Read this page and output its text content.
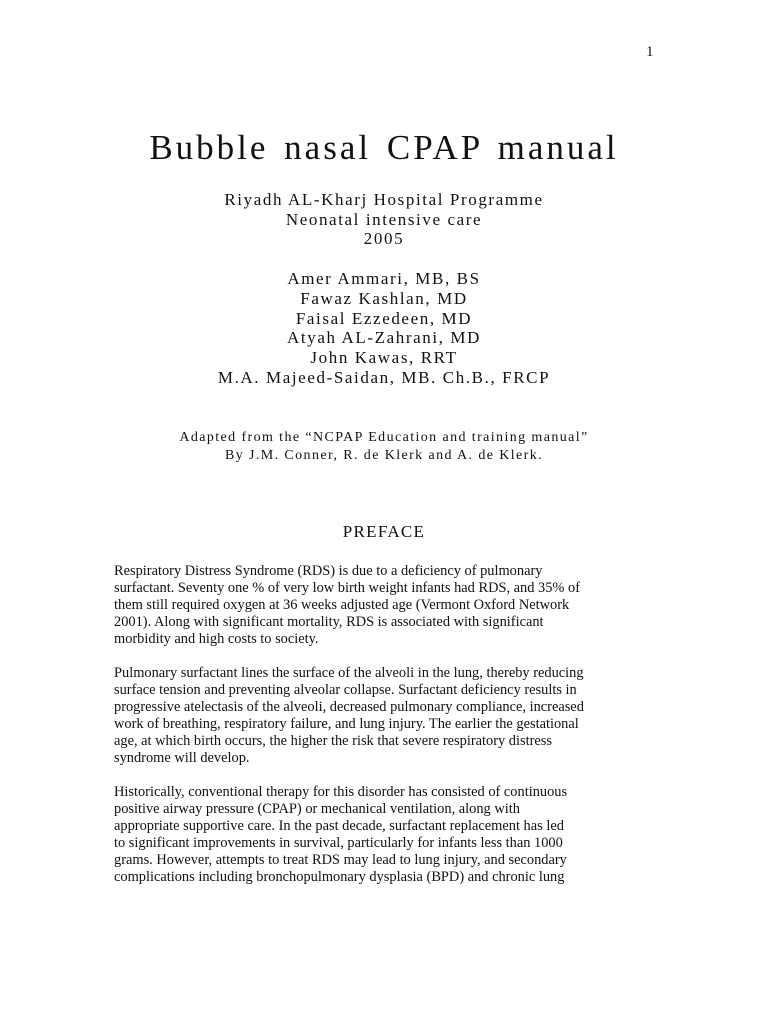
1
Bubble nasal CPAP manual
Riyadh AL-Kharj Hospital Programme
Neonatal intensive care
2005
Amer Ammari, MB, BS
Fawaz Kashlan, MD
Faisal Ezzedeen, MD
Atyah AL-Zahrani, MD
John Kawas, RRT
M.A. Majeed-Saidan, MB. Ch.B., FRCP
Adapted from the “NCPAP Education and training manual”
By J.M. Conner, R. de Klerk and A. de Klerk.
PREFACE

Respiratory Distress Syndrome (RDS) is due to a deficiency of pulmonary
surfactant. Seventy one % of very low birth weight infants had RDS, and 35% of
them still required oxygen at 36 weeks adjusted age (Vermont Oxford Network
2001). Along with significant mortality, RDS is associated with significant
morbidity and high costs to society.

Pulmonary surfactant lines the surface of the alveoli in the lung, thereby reducing
surface tension and preventing alveolar collapse. Surfactant deficiency results in
progressive atelectasis of the alveoli, decreased pulmonary compliance, increased
work of breathing, respiratory failure, and lung injury. The earlier the gestational
age, at which birth occurs, the higher the risk that severe respiratory distress
syndrome will develop.

Historically, conventional therapy for this disorder has consisted of continuous
positive airway pressure (CPAP) or mechanical ventilation, along with
appropriate supportive care. In the past decade, surfactant replacement has led
to significant improvements in survival, particularly for infants less than 1000
grams. However, attempts to treat RDS may lead to lung injury, and secondary
complications including bronchopulmonary dysplasia (BPD) and chronic lung
